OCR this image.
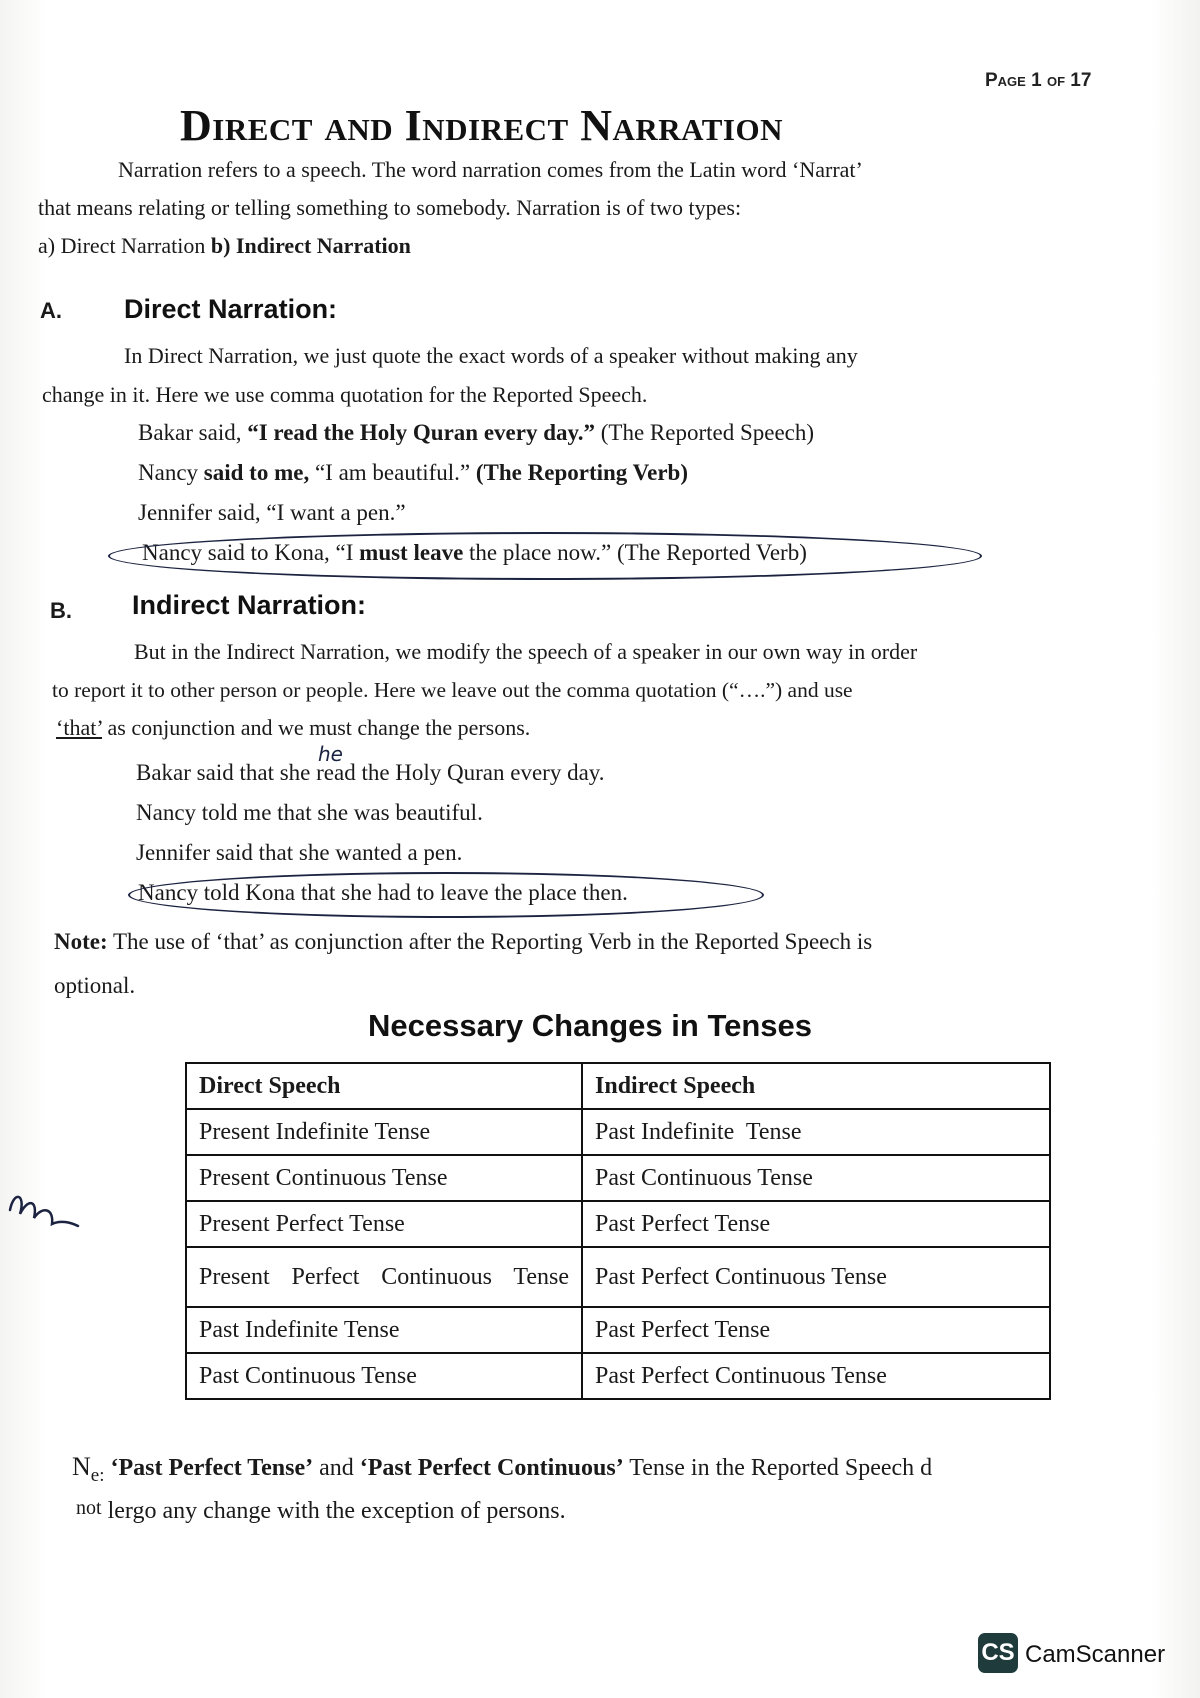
Page 1 of 17
Direct and Indirect Narration
Narration refers to a speech. The word narration comes from the Latin word ‘Narrat’
that means relating or telling something to somebody. Narration is of two types:
a) Direct Narration b) Indirect Narration
A. Direct Narration:
In Direct Narration, we just quote the exact words of a speaker without making any
change in it. Here we use comma quotation for the Reported Speech.
Bakar said, “I read the Holy Quran every day.” (The Reported Speech)
Nancy said to me, “I am beautiful.” (The Reporting Verb)
Jennifer said, “I want a pen.”
Nancy said to Kona, “I must leave the place now.” (The Reported Verb)
B. Indirect Narration:
But in the Indirect Narration, we modify the speech of a speaker in our own way in order
to report it to other person or people. Here we leave out the comma quotation (“….”) and use
‘that’ as conjunction and we must change the persons.
Bakar said that she read the Holy Quran every day.
he
Nancy told me that she was beautiful.
Jennifer said that she wanted a pen.
Nancy told Kona that she had to leave the place then.
Note: The use of ‘that’ as conjunction after the Reporting Verb in the Reported Speech is
optional.
Necessary Changes in Tenses
Direct Speech	Indirect Speech
Present Indefinite Tense	Past Indefinite  Tense
Present Continuous Tense	Past Continuous Tense
Present Perfect Tense	Past Perfect Tense
Present Perfect Continuous Tense	Past Perfect Continuous Tense
Past Indefinite Tense	Past Perfect Tense
Past Continuous Tense	Past Perfect Continuous Tense
$N_{e:}$ ‘Past Perfect Tense’ and ‘Past Perfect Continuous’ Tense in the Reported Speech d
not lergo any change with the exception of persons.
CS CamScanner
